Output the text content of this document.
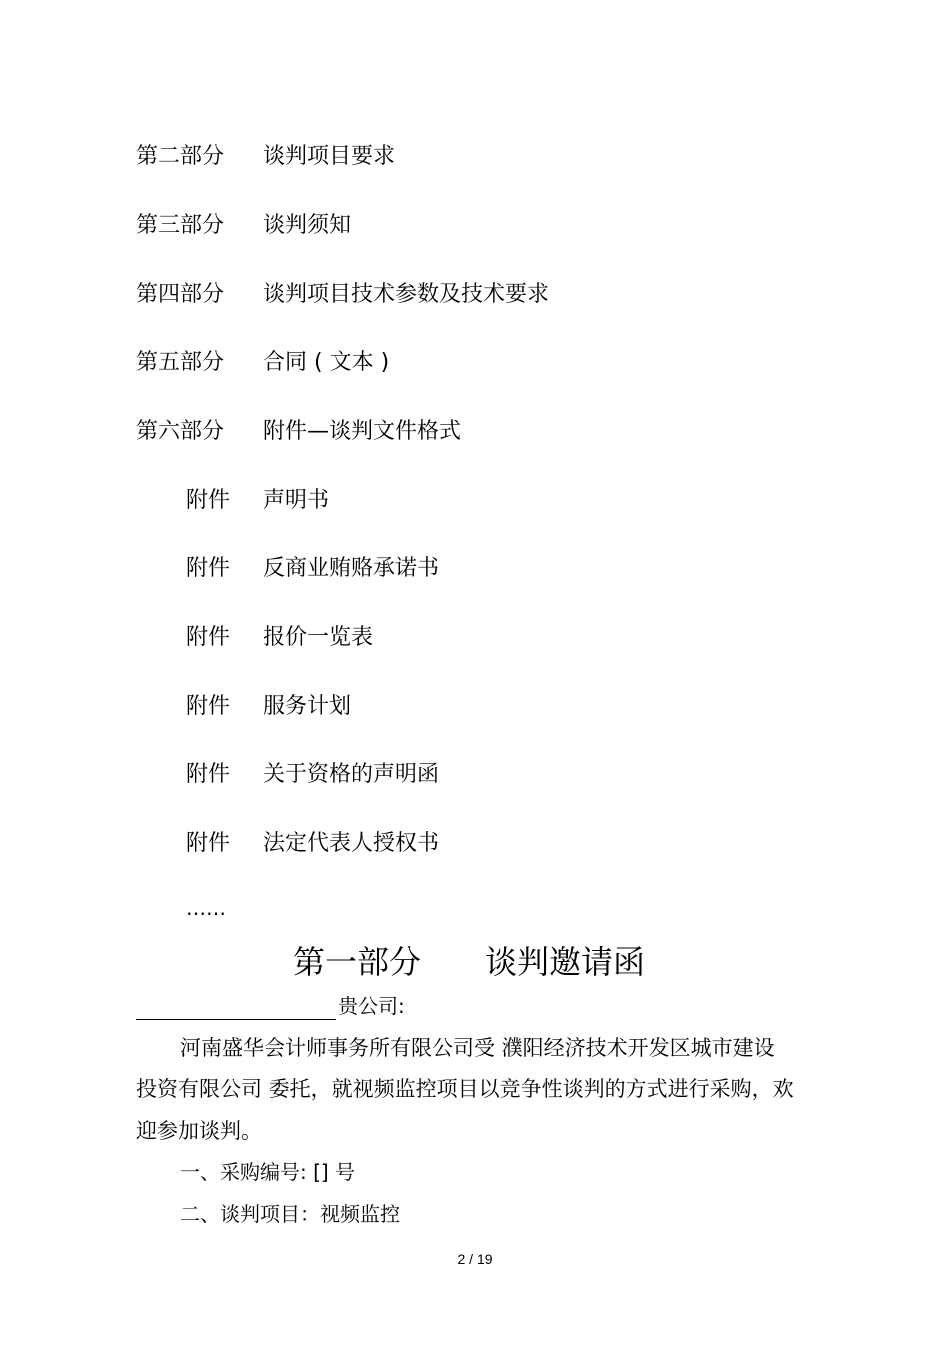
第二部分 谈判项目要求
第三部分 谈判须知
第四部分 谈判项目技术参数及技术要求
第五部分 合同 ( 文本 )
第六部分 附件—谈判文件格式
附件 声明书
附件 反商业贿赂承诺书
附件 报价一览表
附件 服务计划
附件 关于资格的声明函
附件 法定代表人授权书
……
第一部分 谈判邀请函
贵公司:
河南盛华会计师事务所有限公司受 濮阳经济技术开发区城市建设
投资有限公司 委托，就视频监控项目以竞争性谈判的方式进行采购，欢
迎参加谈判。
一、采购编号: [] 号
二、谈判项目：视频监控
2 / 19
